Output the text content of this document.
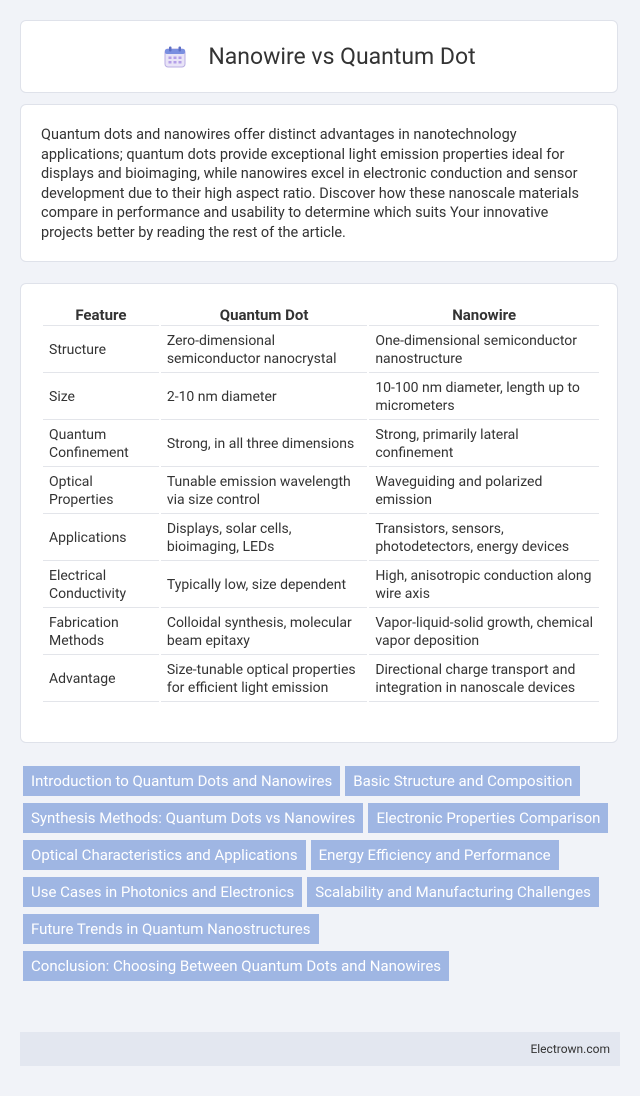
Nanowire vs Quantum Dot

Quantum dots and nanowires offer distinct advantages in nanotechnology applications; quantum dots provide exceptional light emission properties ideal for displays and bioimaging, while nanowires excel in electronic conduction and sensor development due to their high aspect ratio. Discover how these nanoscale materials compare in performance and usability to determine which suits Your innovative projects better by reading the rest of the article.

Feature	Quantum Dot	Nanowire
Structure	Zero-dimensional semiconductor nanocrystal	One-dimensional semiconductor nanostructure
Size	2-10 nm diameter	10-100 nm diameter, length up to micrometers
Quantum Confinement	Strong, in all three dimensions	Strong, primarily lateral confinement
Optical Properties	Tunable emission wavelength via size control	Waveguiding and polarized emission
Applications	Displays, solar cells, bioimaging, LEDs	Transistors, sensors, photodetectors, energy devices
Electrical Conductivity	Typically low, size dependent	High, anisotropic conduction along wire axis
Fabrication Methods	Colloidal synthesis, molecular beam epitaxy	Vapor-liquid-solid growth, chemical vapor deposition
Advantage	Size-tunable optical properties for efficient light emission	Directional charge transport and integration in nanoscale devices
Introduction to Quantum Dots and Nanowires	Basic Structure and Composition
Synthesis Methods: Quantum Dots vs Nanowires	Electronic Properties Comparison
Optical Characteristics and Applications	Energy Efficiency and Performance
Use Cases in Photonics and Electronics	Scalability and Manufacturing Challenges
Future Trends in Quantum Nanostructures
Conclusion: Choosing Between Quantum Dots and Nanowires
Electrown.com
